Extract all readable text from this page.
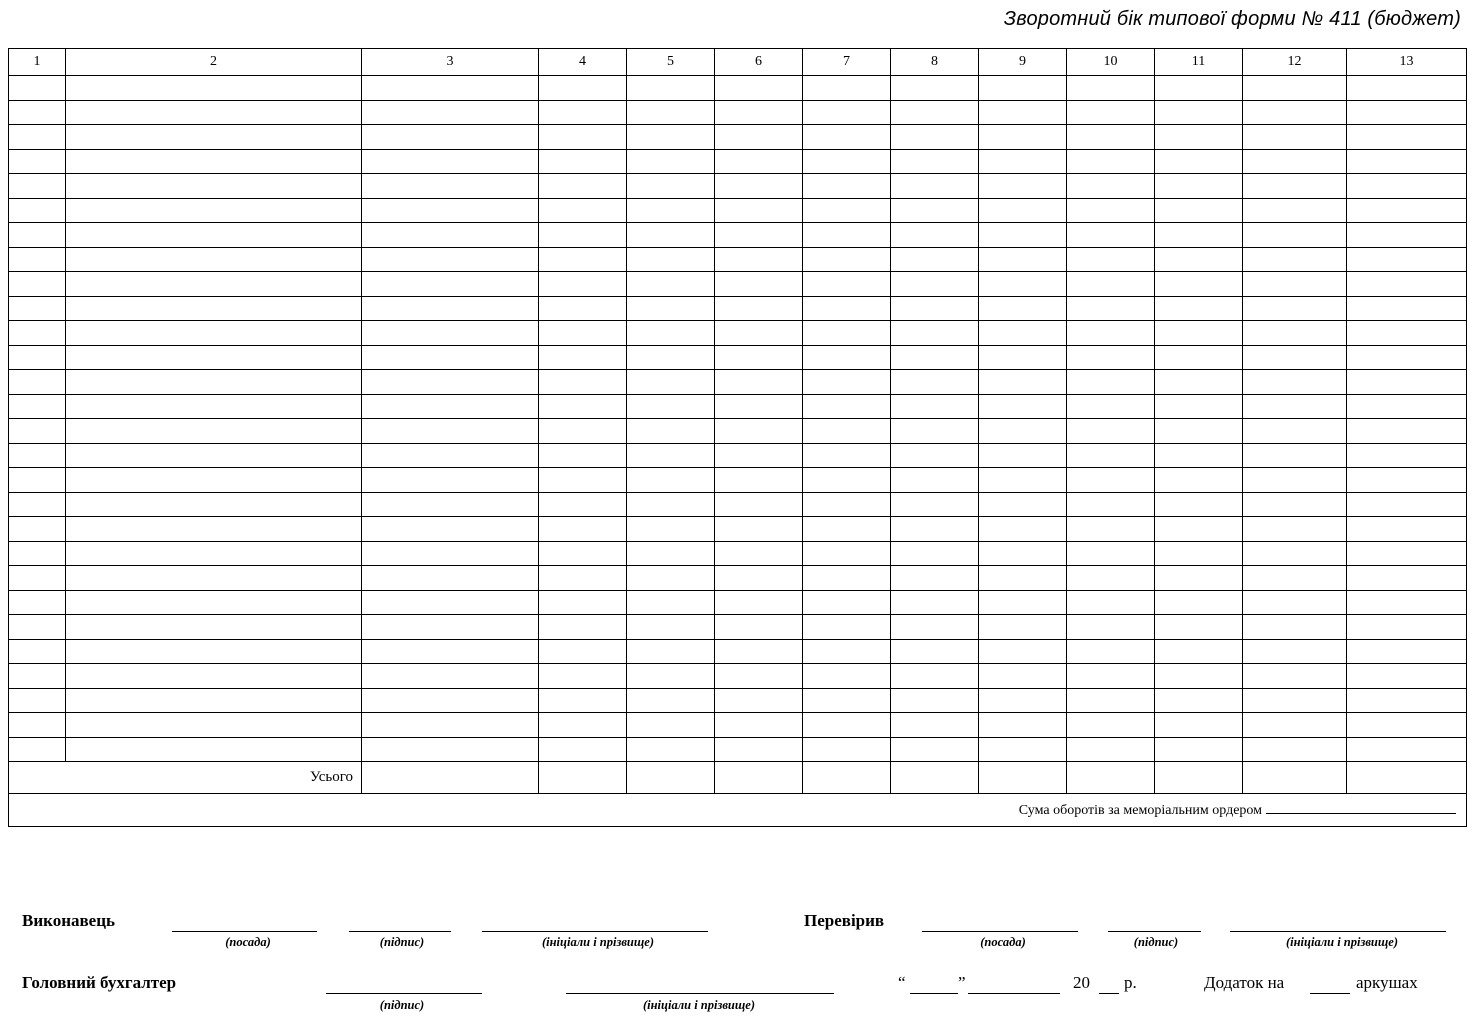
Зворотний бік типової форми № 411 (бюджет)
1	2	3	4	5	6	7	8	9	10	11	12	13

Усього												
Сума оборотів за меморіальним ордером												
Виконавець
(посада)	(підпис)	(ініціали і прізвище)
Перевірив
(посада)	(підпис)	(ініціали і прізвище)
Головний бухгалтер
(підпис)	(ініціали і прізвище)
“	”	20 р.	Додаток на	аркушах
